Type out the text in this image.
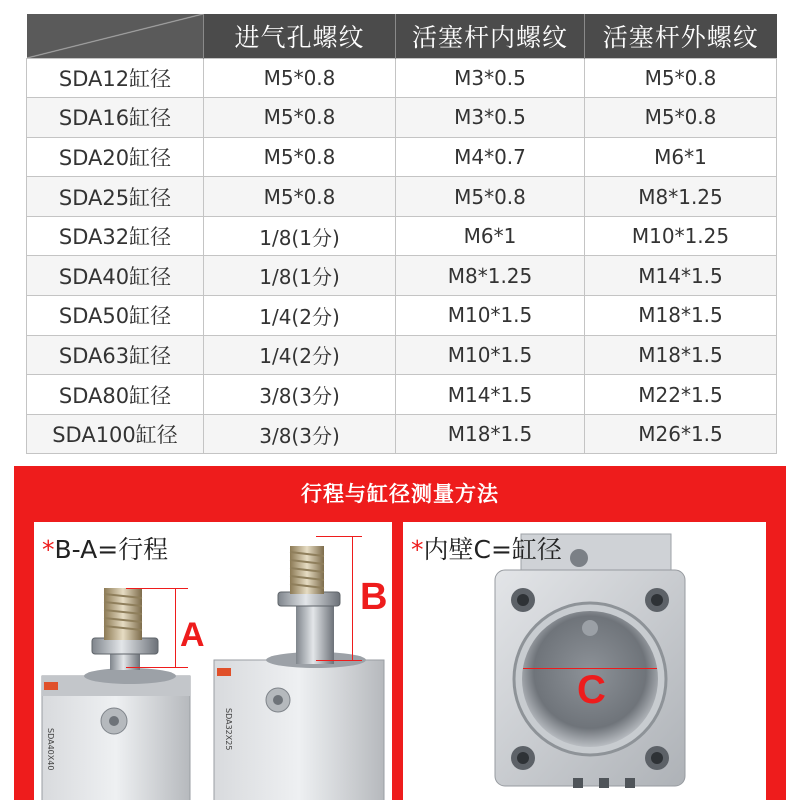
	进气孔螺纹	活塞杆内螺纹	活塞杆外螺纹
SDA12缸径	M5*0.8	M3*0.5	M5*0.8
SDA16缸径	M5*0.8	M3*0.5	M5*0.8
SDA20缸径	M5*0.8	M4*0.7	M6*1
SDA25缸径	M5*0.8	M5*0.8	M8*1.25
SDA32缸径	1/8(1分)	M6*1	M10*1.25
SDA40缸径	1/8(1分)	M8*1.25	M14*1.5
SDA50缸径	1/4(2分)	M10*1.5	M18*1.5
SDA63缸径	1/4(2分)	M10*1.5	M18*1.5
SDA80缸径	3/8(3分)	M14*1.5	M22*1.5
SDA100缸径	3/8(3分)	M18*1.5	M26*1.5
行程与缸径测量方法
*B-A=行程
A
B
SDA40X40	SDA32X25
*内壁C=缸径
C
